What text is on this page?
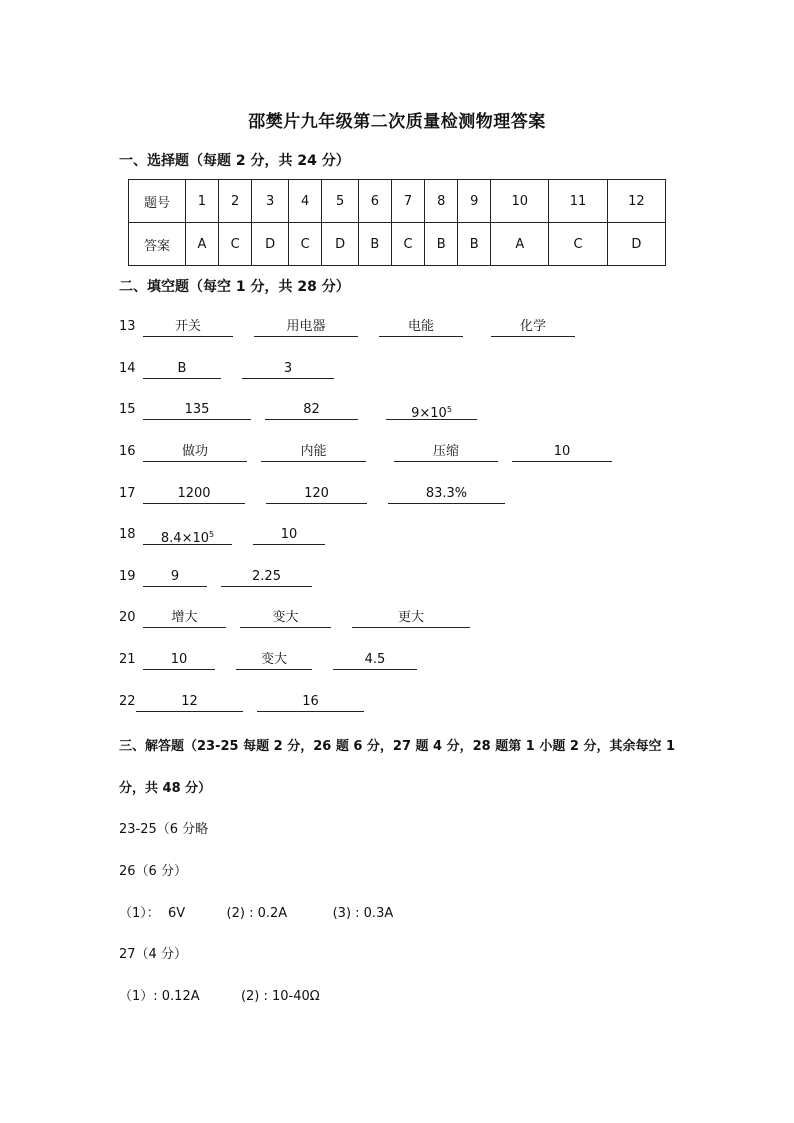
邵樊片九年级第二次质量检测物理答案
一、选择题（每题 2 分，共 24 分）
题号	1	2	3	4	5	6	7	8	9	10	11	12
答案	A	C	D	C	D	B	C	B	B	A	C	D
二、填空题（每空 1 分，共 28 分）
13	开关	用电器	电能	化学
14	B	3
15	135	82	$9\times 10^5$
16	做功	内能	压缩	10
17	1200	120	83.3%
18	$8.4\times 10^5$	10
19	9	2.25
20	增大	变大	更大
21	10	变大	4.5
22	12	16
三、解答题（23-25 每题 2 分，26 题 6 分，27 题 4 分，28 题第 1 小题 2 分，其余每空 1
分，共 48 分）
23-25（6 分略
26（6 分）
（1）：  6V          (2) : 0.2A           (3) : 0.3A
27（4 分）
（1）: 0.12A          (2) : 10-40Ω
